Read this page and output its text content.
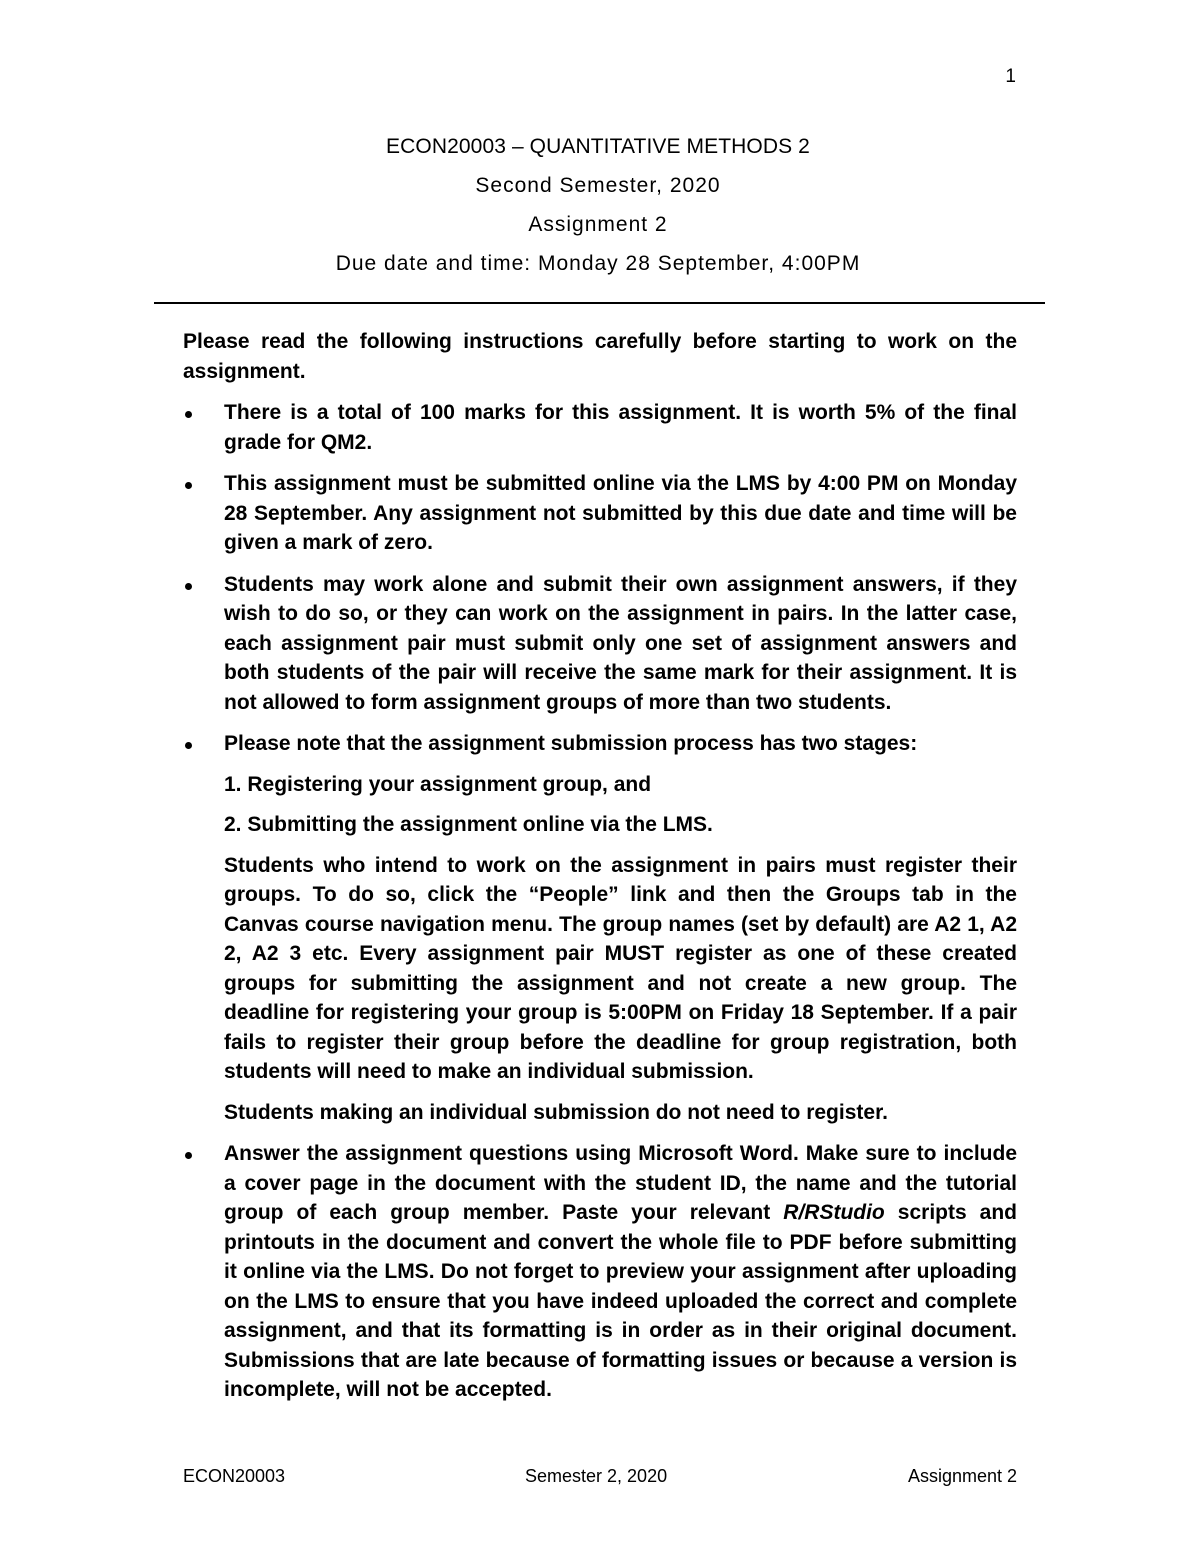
1
ECON20003 – QUANTITATIVE METHODS 2
Second Semester, 2020
Assignment 2
Due date and time: Monday 28 September, 4:00PM

Please read the following instructions carefully before starting to work on the assignment.

There is a total of 100 marks for this assignment. It is worth 5% of the final grade for QM2.

This assignment must be submitted online via the LMS by 4:00 PM on Monday 28 September. Any assignment not submitted by this due date and time will be given a mark of zero.

Students may work alone and submit their own assignment answers, if they wish to do so, or they can work on the assignment in pairs. In the latter case, each assignment pair must submit only one set of assignment answers and both students of the pair will receive the same mark for their assignment. It is not allowed to form assignment groups of more than two students.

Please note that the assignment submission process has two stages:

1. Registering your assignment group, and

2. Submitting the assignment online via the LMS.

Students who intend to work on the assignment in pairs must register their groups. To do so, click the “People” link and then the Groups tab in the Canvas course navigation menu. The group names (set by default) are A2 1, A2 2, A2 3 etc. Every assignment pair MUST register as one of these created groups for submitting the assignment and not create a new group. The deadline for registering your group is 5:00PM on Friday 18 September. If a pair fails to register their group before the deadline for group registration, both students will need to make an individual submission.

Students making an individual submission do not need to register.

Answer the assignment questions using Microsoft Word. Make sure to include a cover page in the document with the student ID, the name and the tutorial group of each group member. Paste your relevant R/RStudio scripts and printouts in the document and convert the whole file to PDF before submitting it online via the LMS. Do not forget to preview your assignment after uploading on the LMS to ensure that you have indeed uploaded the correct and complete assignment, and that its formatting is in order as in their original document. Submissions that are late because of formatting issues or because a version is incomplete, will not be accepted.

ECON20003	Semester 2, 2020	Assignment 2
